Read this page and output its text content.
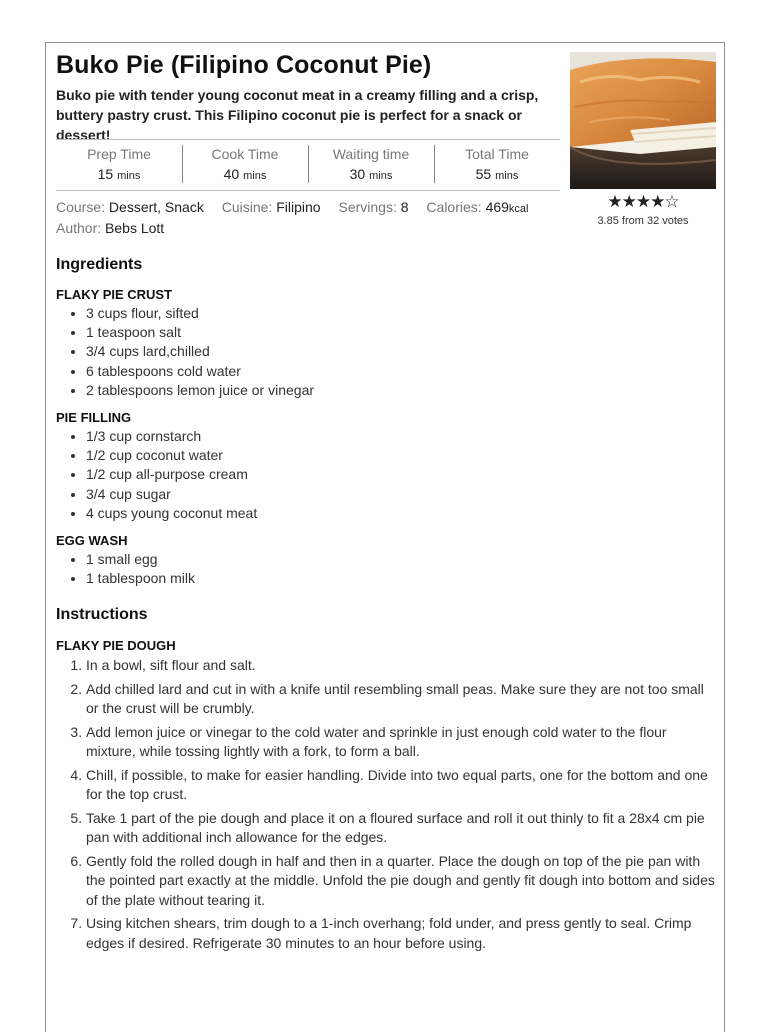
Buko Pie (Filipino Coconut Pie)
Buko pie with tender young coconut meat in a creamy filling and a crisp, buttery pastry crust. This Filipino coconut pie is perfect for a snack or dessert!
★★★★☆
3.85 from 32 votes
Prep Time
15 mins
Cook Time
40 mins
Waiting time
30 mins
Total Time
55 mins
Course: Dessert, Snack Cuisine: Filipino Servings: 8 Calories: 469kcal
Author: Bebs Lott
Ingredients
FLAKY PIE CRUST
• 3 cups flour, sifted
• 1 teaspoon salt
• 3/4 cups lard,chilled
• 6 tablespoons cold water
• 2 tablespoons lemon juice or vinegar
PIE FILLING
• 1/3 cup cornstarch
• 1/2 cup coconut water
• 1/2 cup all-purpose cream
• 3/4 cup sugar
• 4 cups young coconut meat
EGG WASH
• 1 small egg
• 1 tablespoon milk
Instructions
FLAKY PIE DOUGH
1. In a bowl, sift flour and salt.
2. Add chilled lard and cut in with a knife until resembling small peas. Make sure they are not too small or the crust will be crumbly.
3. Add lemon juice or vinegar to the cold water and sprinkle in just enough cold water to the flour mixture, while tossing lightly with a fork, to form a ball.
4. Chill, if possible, to make for easier handling. Divide into two equal parts, one for the bottom and one for the top crust.
5. Take 1 part of the pie dough and place it on a floured surface and roll it out thinly to fit a 28x4 cm pie pan with additional inch allowance for the edges.
6. Gently fold the rolled dough in half and then in a quarter. Place the dough on top of the pie pan with the pointed part exactly at the middle. Unfold the pie dough and gently fit dough into bottom and sides of the plate without tearing it.
7. Using kitchen shears, trim dough to a 1-inch overhang; fold under, and press gently to seal. Crimp edges if desired. Refrigerate 30 minutes to an hour before using.
